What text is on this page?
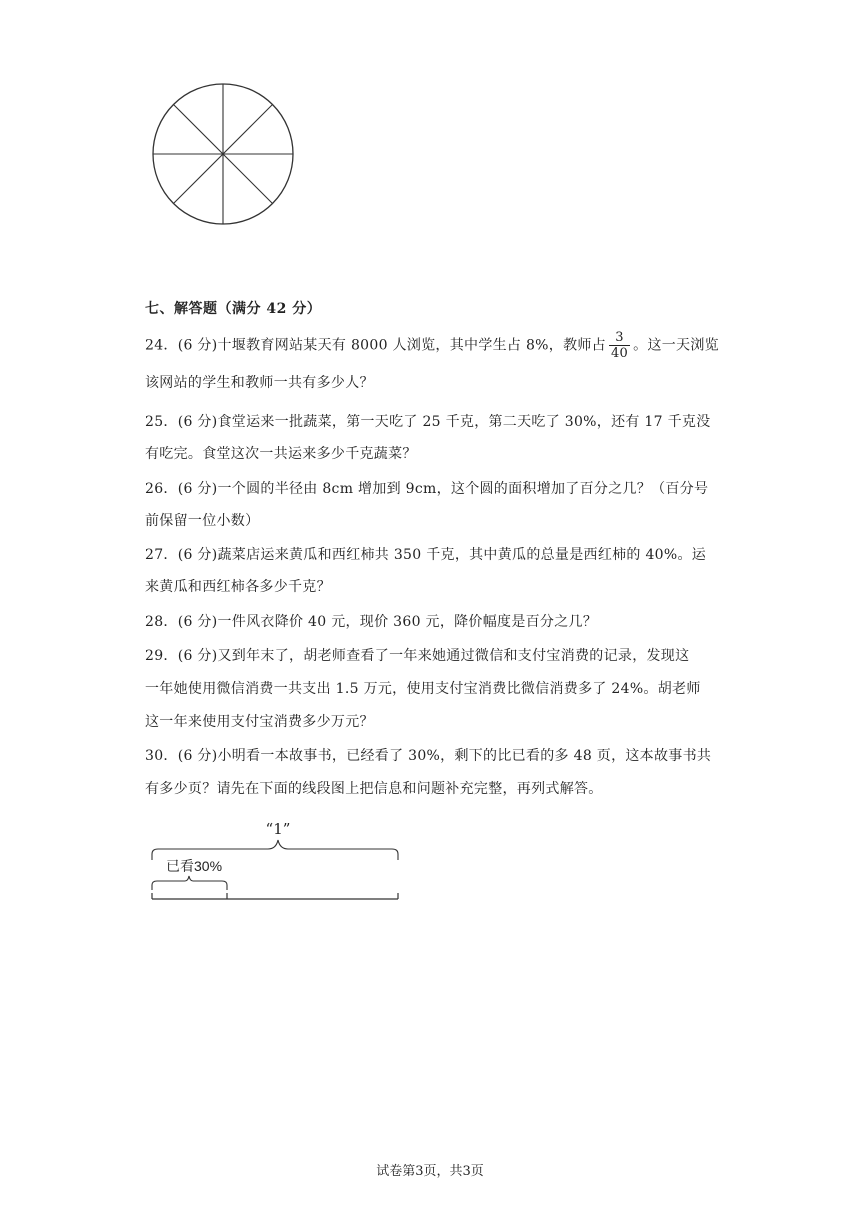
七、解答题（满分 42 分）
24．(6 分)十堰教育网站某天有 8000 人浏览，其中学生占 8%，教师占 $\frac{3}{40}$ 。这一天浏览
该网站的学生和教师一共有多少人？
25．(6 分)食堂运来一批蔬菜，第一天吃了 25 千克，第二天吃了 30%，还有 17 千克没
有吃完。食堂这次一共运来多少千克蔬菜？
26．(6 分)一个圆的半径由 8cm 增加到 9cm，这个圆的面积增加了百分之几？（百分号
前保留一位小数）
27．(6 分)蔬菜店运来黄瓜和西红柿共 350 千克，其中黄瓜的总量是西红柿的 40%。运
来黄瓜和西红柿各多少千克？
28．(6 分)一件风衣降价 40 元，现价 360 元，降价幅度是百分之几？
29．(6 分)又到年末了，胡老师查看了一年来她通过微信和支付宝消费的记录，发现这
一年她使用微信消费一共支出 1.5 万元，使用支付宝消费比微信消费多了 24%。胡老师
这一年来使用支付宝消费多少万元？
30．(6 分)小明看一本故事书，已经看了 30%，剩下的比已看的多 48 页，这本故事书共
有多少页？请先在下面的线段图上把信息和问题补充完整，再列式解答。
“1”
已看30%
试卷第3页，共3页
